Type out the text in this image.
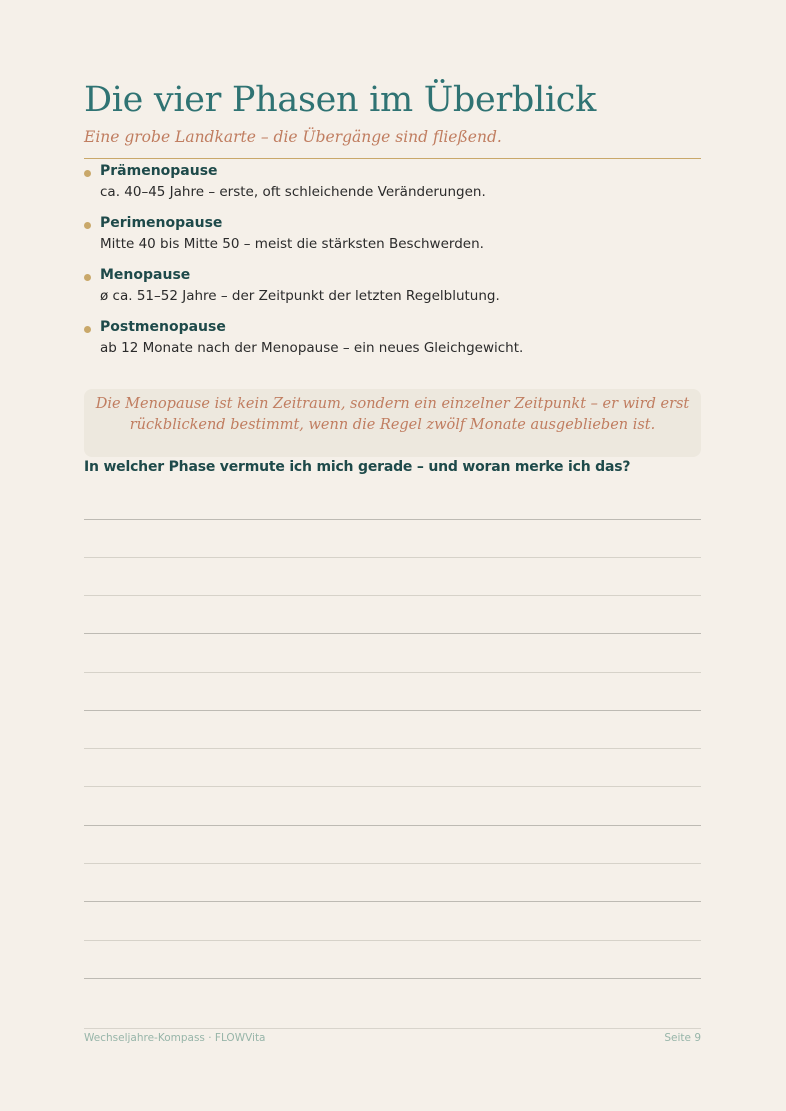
Die vier Phasen im Überblick

Eine grobe Landkarte – die Übergänge sind fließend.

Prämenopause
ca. 40–45 Jahre – erste, oft schleichende Veränderungen.
Perimenopause
Mitte 40 bis Mitte 50 – meist die stärksten Beschwerden.
Menopause
ø ca. 51–52 Jahre – der Zeitpunkt der letzten Regelblutung.
Postmenopause
ab 12 Monate nach der Menopause – ein neues Gleichgewicht.

Die Menopause ist kein Zeitraum, sondern ein einzelner Zeitpunkt – er wird erst
rückblickend bestimmt, wenn die Regel zwölf Monate ausgeblieben ist.

In welcher Phase vermute ich mich gerade – und woran merke ich das?

Wechseljahre-Kompass · FLOWVita	Seite 9
